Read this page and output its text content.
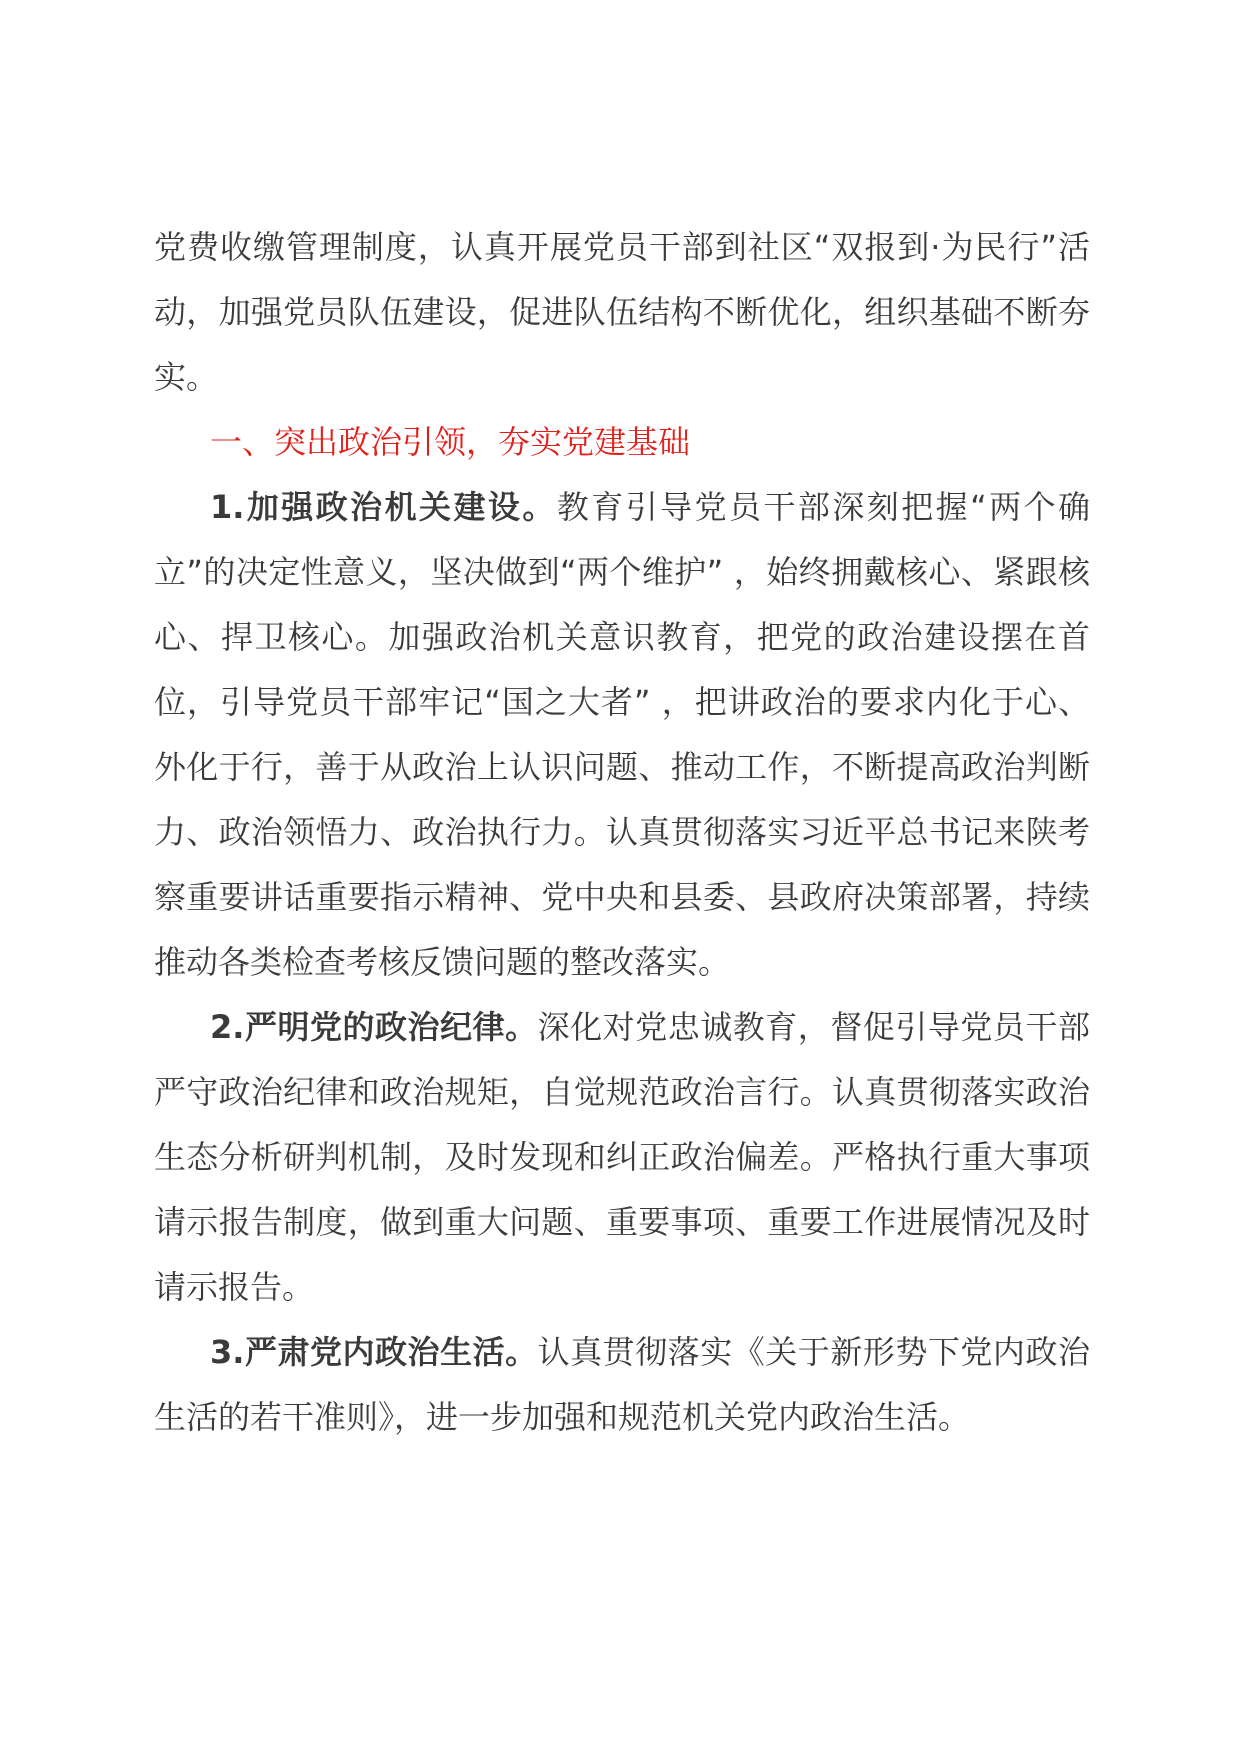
党费收缴管理制度，认真开展党员干部到社区“双报到·为民行”活动，加强党员队伍建设，促进队伍结构不断优化，组织基础不断夯实。

一、突出政治引领，夯实党建基础

1.加强政治机关建设。教育引导党员干部深刻把握“两个确立”的决定性意义，坚决做到“两个维护” ，始终拥戴核心、紧跟核心、捍卫核心。加强政治机关意识教育，把党的政治建设摆在首位，引导党员干部牢记“国之大者” ，把讲政治的要求内化于心、外化于行，善于从政治上认识问题、推动工作，不断提高政治判断力、政治领悟力、政治执行力。认真贯彻落实习近平总书记来陕考察重要讲话重要指示精神、党中央和县委、县政府决策部署，持续推动各类检查考核反馈问题的整改落实。

2.严明党的政治纪律。深化对党忠诚教育，督促引导党员干部严守政治纪律和政治规矩，自觉规范政治言行。认真贯彻落实政治生态分析研判机制，及时发现和纠正政治偏差。严格执行重大事项请示报告制度，做到重大问题、重要事项、重要工作进展情况及时请示报告。

3.严肃党内政治生活。认真贯彻落实《关于新形势下党内政治生活的若干准则》，进一步加强和规范机关党内政治生活。
